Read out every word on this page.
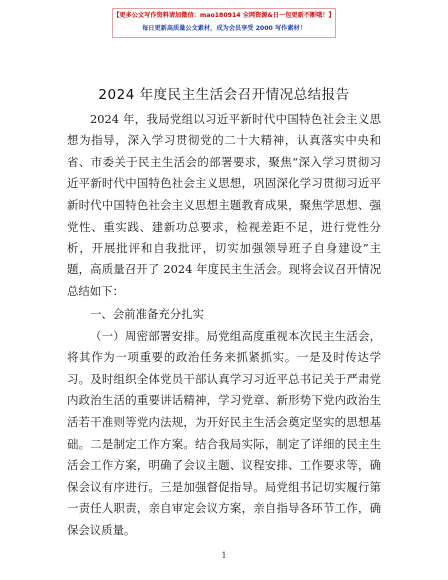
【更多公文写作资料请加微信：mao180914 全网资源&日一包更新不断哦！】
每日更新高质量公文素材，成为会员享受 2000 写作素材！
2024 年度民主生活会召开情况总结报告
2024 年，我局党组以习近平新时代中国特色社会主义思
想为指导，深入学习贯彻党的二十大精神，认真落实中央和
省、市委关于民主生活会的部署要求，聚焦“深入学习贯彻习
近平新时代中国特色社会主义思想，巩固深化学习贯彻习近平
新时代中国特色社会主义思想主题教育成果，聚焦学思想、强
党性、重实践、建新功总要求，检视差距不足，进行党性分
析，开展批评和自我批评，切实加强领导班子自身建设”主
题，高质量召开了 2024 年度民主生活会。现将会议召开情况
总结如下：
一、会前准备充分扎实
（一）周密部署安排。局党组高度重视本次民主生活会，
将其作为一项重要的政治任务来抓紧抓实。一是及时传达学
习。及时组织全体党员干部认真学习习近平总书记关于严肃党
内政治生活的重要讲话精神，学习党章、新形势下党内政治生
活若干准则等党内法规，为开好民主生活会奠定坚实的思想基
础。二是制定工作方案。结合我局实际，制定了详细的民主生
活会工作方案，明确了会议主题、议程安排、工作要求等，确
保会议有序进行。三是加强督促指导。局党组书记切实履行第
一责任人职责，亲自审定会议方案，亲自指导各环节工作，确
保会议质量。
1
